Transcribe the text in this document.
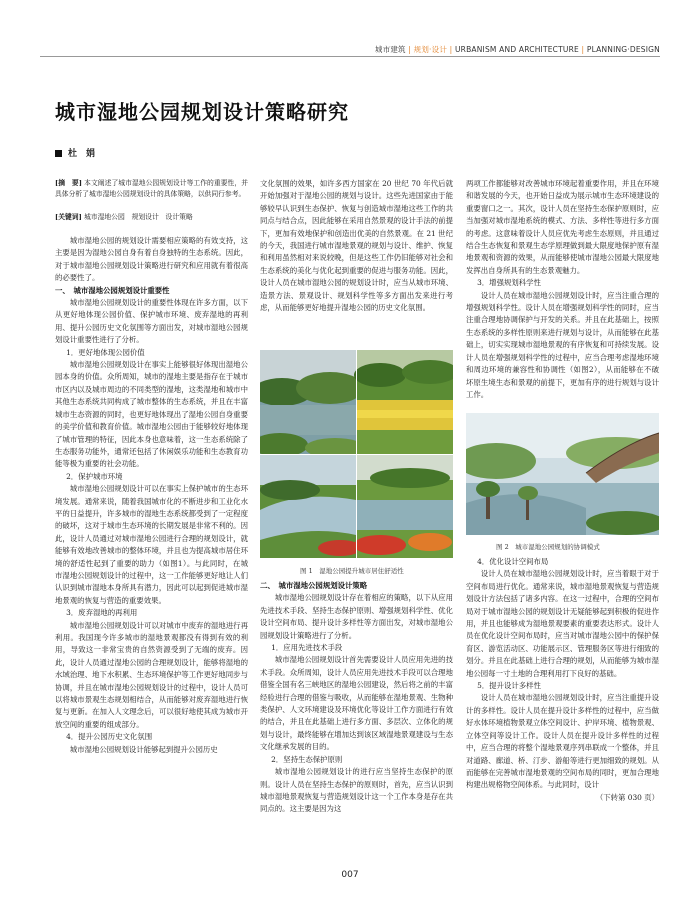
城市建筑 | 规划·设计 | URBANISM AND ARCHITECTURE | PLANNING·DESIGN
城市湿地公园规划设计策略研究
杜　娟

[摘　要] 本文阐述了城市湿地公园规划设计等工作的重要性，并具体分析了城市湿地公园规划设计的具体策略，以供同行参考。

[关键词] 城市湿地公园　规划设计　设计策略

城市湿地公园的规划设计需要相应策略的有效支持，这主要是因为湿地公园自身有着自身独特的生态系统。因此，对于城市湿地公园规划设计策略进行研究和应用就有着很高的必要性了。

一、　城市湿地公园规划设计重要性

城市湿地公园规划设计的重要性体现在许多方面，以下从更好地体现公园价值、保护城市环境、废弃湿地的再利用、提升公园历史文化氛围等方面出发，对城市湿地公园规划设计重要性进行了分析。

1．更好地体现公园价值

城市湿地公园规划设计在事实上能够很好体现出湿地公园本身的价值。众所周知，城市的湿地主要是指存在于城市市区内以及城市周边的不同类型的湿地，这类湿地和城市中其他生态系统共同构成了城市整体的生态系统，并且在丰富城市生态资源的同时，也更好地体现出了湿地公园自身重要的美学价值和教育价值。城市湿地公园由于能够较好地体现了城市管理的特征，因此本身也意味着，这一生态系统除了生态服务功能外，通常还包括了休闲娱乐功能和生态教育功能等极为重要的社会功能。

2．保护城市环境

城市湿地公园规划设计可以在事实上保护城市的生态环境发展。通常来说，随着我国城市化的不断进步和工业化水平的日益提升，许多城市的湿地生态系统都受到了一定程度的破坏，这对于城市生态环境的长期发展是非常不利的。因此，设计人员通过对城市湿地公园进行合理的规划设计，就能够有效地改善城市的整体环境，并且也为提高城市居住环境的舒适性起到了重要的助力（如图1）。与此同时，在城市湿地公园规划设计的过程中，这一工作能够更好地让人们认识到城市湿地本身所具有潜力，因此可以起到促进城市湿地景观的恢复与营造的重要效果。

3．废弃湿地的再利用

城市湿地公园规划设计可以对城市中废弃的湿地进行再利用。我国现今许多城市的湿地景观都没有得到有效的利用，导致这一非常宝贵的自然资源受到了无端的废弃。因此，设计人员通过湿地公园的合理规划设计，能够将湿地的水域治理、地下水积累、生态环境保护等工作更好地同步与协调，并且在城市湿地公园规划设计的过程中，设计人员可以将城市景观生态规划相结合，从而能够对废弃湿地进行恢复与更新。在加入人文理念后，可以很好地使其成为城市开放空间的重要的组成部分。

4．提升公园历史文化氛围

城市湿地公园规划设计能够起到提升公园历史

文化氛围的效果，如许多西方国家在 20 世纪 70 年代后就开始加强对于湿地公园的规划与设计。这些先进国家由于能够较早认识到生态保护、恢复与创造城市湿地这些工作的共同点与结合点，因此能够在采用自然景观的设计手法的前提下，更加有效地保护和创造出优美的自然景观。在 21 世纪的今天，我国进行城市湿地景观的规划与设计、维护、恢复和利用虽然相对来说较晚，但是这些工作仍旧能够对社会和生态系统的美化与优化起到重要的促进与服务功能。因此，设计人员在城市湿地公园的规划设计时，应当从城市环境、造景方法、景观设计、规划科学性等多方面出发来进行考虑，从而能够更好地提升湿地公园的历史文化氛围。

图 1　湿地公园提升城市居住舒适性

二、　城市湿地公园规划设计策略

城市湿地公园规划设计存在着相应的策略，以下从应用先进技术手段、坚持生态保护原则、增强规划科学性、优化设计空间布局、提升设计多样性等方面出发，对城市湿地公园规划设计策略进行了分析。

1．应用先进技术手段

城市湿地公园规划设计首先需要设计人员应用先进的技术手段。众所周知，设计人员应用先进技术手段可以合理地借鉴全国有名三峡地区的湿地公园建设，然后将之前的丰富经验进行合理的借鉴与吸收，从而能够在湿地景观、生物种类保护、人文环境建设及环境优化等设计工作方面进行有效的结合，并且在此基础上进行多方面、多层次、立体化的规划与设计，最终能够在增加达到该区域湿地景观建设与生态文化继承发展的目的。

2．坚持生态保护原则

城市湿地公园规划设计的进行应当坚持生态保护的原则。设计人员在坚持生态保护的原则时，首先，应当认识到城市湿地景观恢复与营造规划设计这一个工作本身是存在共同点的。这主要是因为这

两项工作都能够对改善城市环境起着重要作用，并且在环境和谐发展的今天，也开始日益成为展示城市生态环境建设的重要窗口之一。其次，设计人员在坚持生态保护原则时，应当加强对城市湿地系统的模式、方法、多样性等进行多方面的考虑。这意味着设计人员应优先考虑生态原则，并且通过结合生态恢复和景观生态学原理做到最大限度地保护原有湿地景观和资源的效果，从而能够使城市湿地公园最大限度地发挥出自身所具有的生态景观魅力。

3．增强规划科学性

设计人员在城市湿地公园规划设计时，应当注重合理的增强规划科学性。设计人员在增强规划科学性的同时，应当注重合理地协调保护与开发的关系。并且在此基础上，按照生态系统的多样性原则来进行规划与设计，从而能够在此基础上，切实实现城市湿地景观的有序恢复和可持续发展。设计人员在增强规划科学性的过程中，应当合理考虑湿地环境和周边环境的兼容性和协调性（如图2），从而能够在不破坏原生境生态和景观的前提下，更加有序的进行规划与设计工作。

图 2　城市湿地公园规划的协调模式

4．优化设计空间布局

设计人员在城市湿地公园规划设计时，应当着眼于对于空间布局进行优化。通常来说，城市湿地景观恢复与营造规划设计方法包括了诸多内容。在这一过程中，合理的空间布局对于城市湿地公园的规划设计无疑能够起到积极的促进作用，并且也能够成为湿地景观要素的重要表达形式。设计人员在优化设计空间布局时，应当对城市湿地公园中的保护保育区、游览活动区、功能展示区、管理服务区等进行细致的划分。并且在此基础上进行合理的规划，从而能够为城市湿地公园每一寸土地的合理利用打下良好的基础。

5．提升设计多样性

设计人员在城市湿地公园规划设计时，应当注重提升设计的多样性。设计人员在提升设计多样性的过程中，应当做好水体环境植物景观立体空间设计、护岸环境、植物景观、立体空间等设计工作。设计人员在提升设计多样性的过程中，应当合理的将整个湿地景观序列串联成一个整体，并且对道路、廊道、桥、汀步、游船等进行更加细致的规划。从而能够在完善城市湿地景观的空间布局的同时，更加合理地构建出规格物空间体系。与此同时，设计

（下转第 030 页）

007
